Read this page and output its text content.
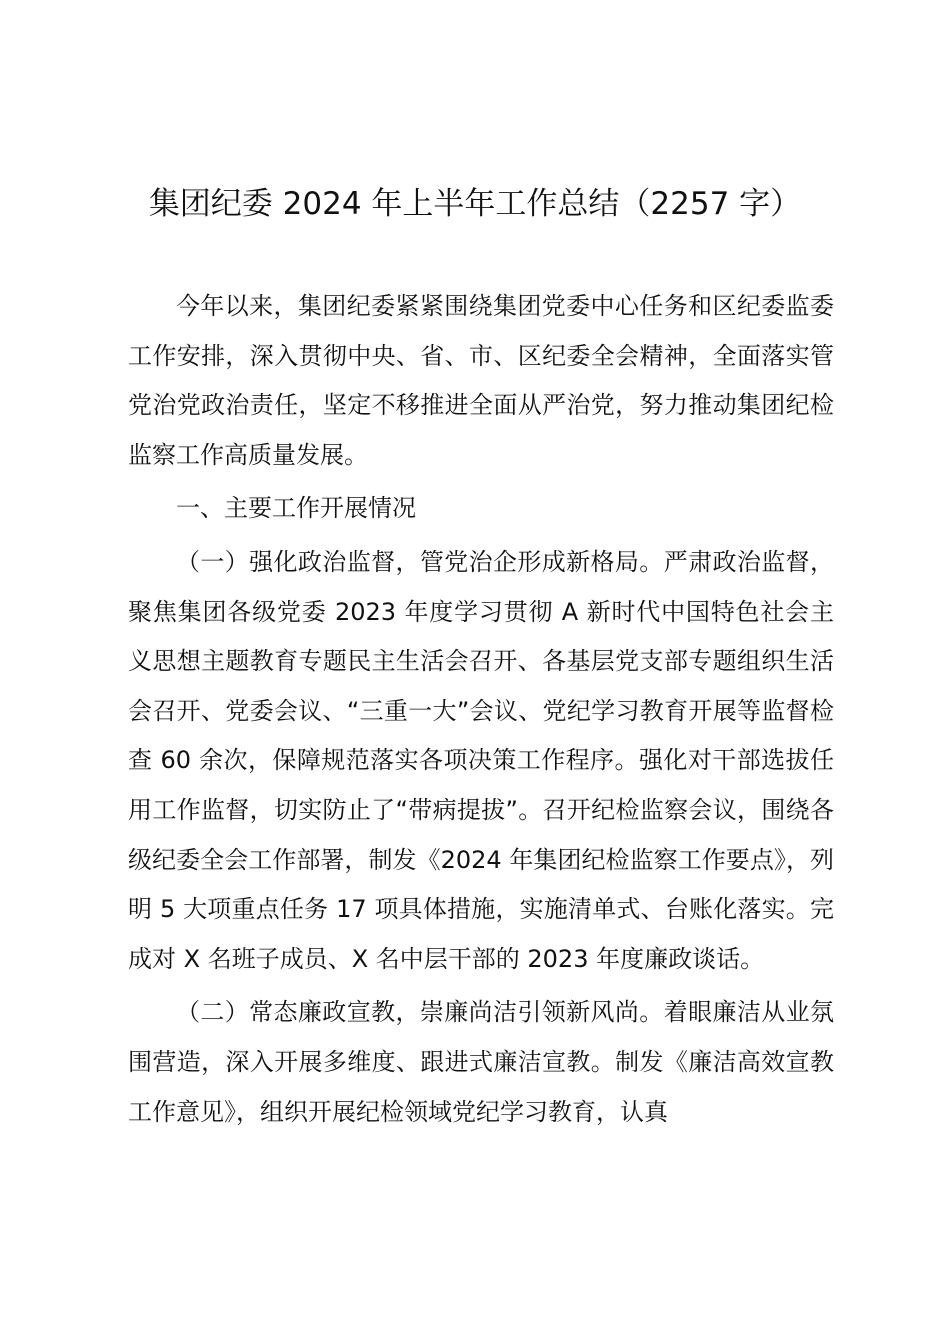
集团纪委 2024 年上半年工作总结（2257 字）

今年以来，集团纪委紧紧围绕集团党委中心任务和区纪委监委工作安排，深入贯彻中央、省、市、区纪委全会精神，全面落实管党治党政治责任，坚定不移推进全面从严治党，努力推动集团纪检监察工作高质量发展。

一、主要工作开展情况

（一）强化政治监督，管党治企形成新格局。严肃政治监督，聚焦集团各级党委 2023 年度学习贯彻 A 新时代中国特色社会主义思想主题教育专题民主生活会召开、各基层党支部专题组织生活会召开、党委会议、“三重一大”会议、党纪学习教育开展等监督检查 60 余次，保障规范落实各项决策工作程序。强化对干部选拔任用工作监督，切实防止了“带病提拔”。召开纪检监察会议，围绕各级纪委全会工作部署，制发《2024 年集团纪检监察工作要点》，列明 5 大项重点任务 17 项具体措施，实施清单式、台账化落实。完成对 X 名班子成员、X 名中层干部的 2023 年度廉政谈话。

（二）常态廉政宣教，崇廉尚洁引领新风尚。着眼廉洁从业氛围营造，深入开展多维度、跟进式廉洁宣教。制发《廉洁高效宣教工作意见》，组织开展纪检领域党纪学习教育，认真
